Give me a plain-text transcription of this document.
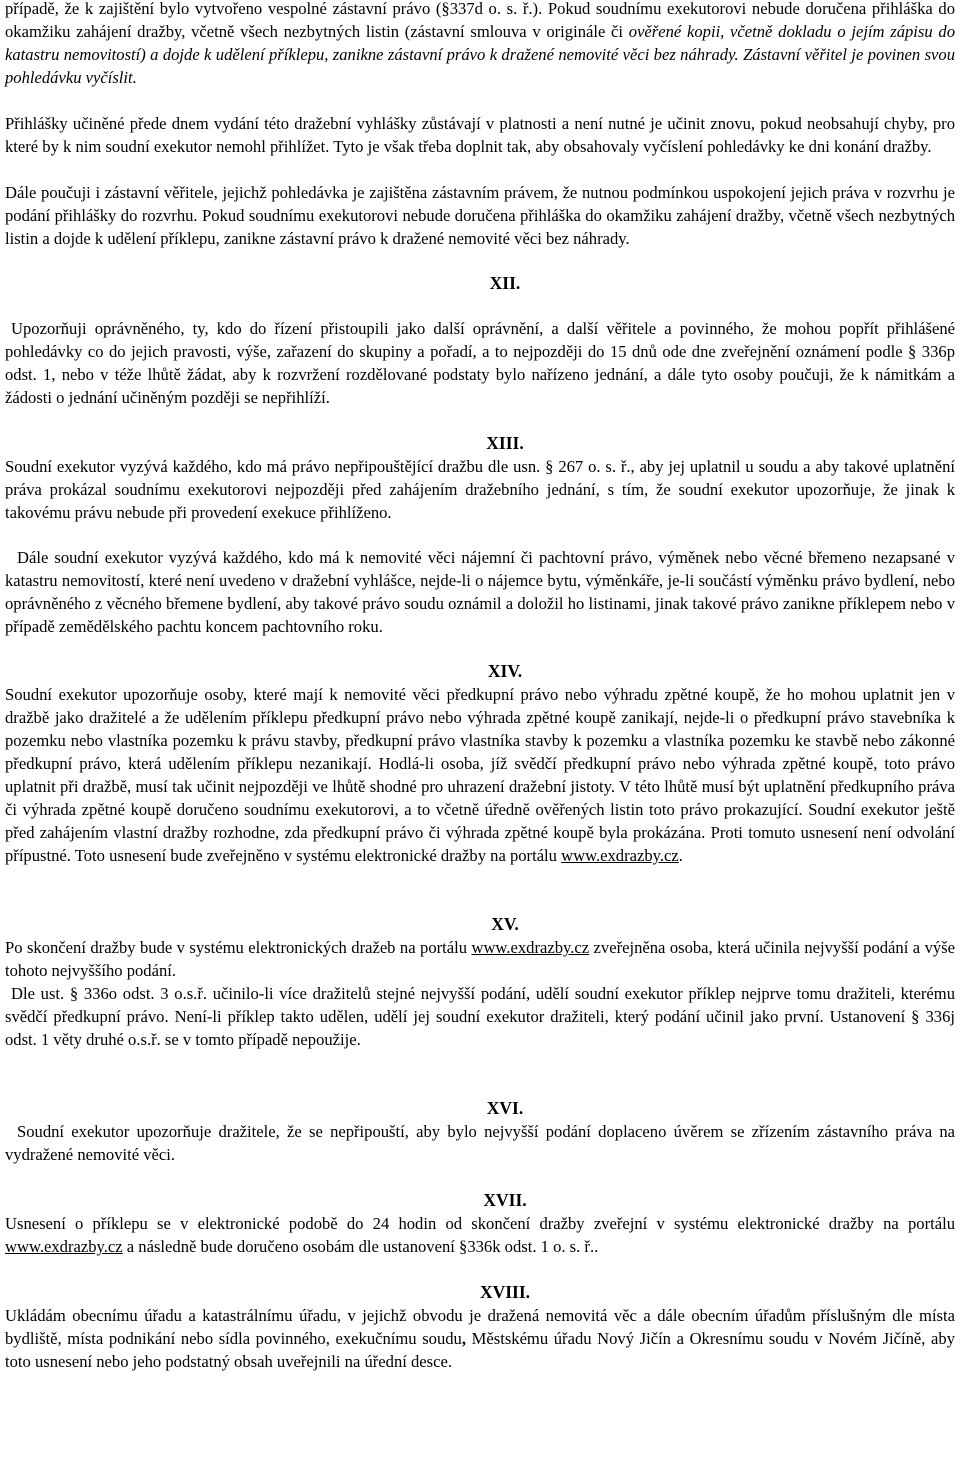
případě, že k zajištění bylo vytvořeno vespolné zástavní právo (§337d o. s. ř.). Pokud soudnímu exekutorovi nebude doručena přihláška do okamžiku zahájení dražby, včetně všech nezbytných listin (zástavní smlouva v originále či ověřené kopii, včetně dokladu o jejím zápisu do katastru nemovitostí) a dojde k udělení příklepu, zanikne zástavní právo k dražené nemovité věci bez náhrady. Zástavní věřitel je povinen svou pohledávku vyčíslit.

Přihlášky učiněné přede dnem vydání této dražební vyhlášky zůstávají v platnosti a není nutné je učinit znovu, pokud neobsahují chyby, pro které by k nim soudní exekutor nemohl přihlížet. Tyto je však třeba doplnit tak, aby obsahovaly vyčíslení pohledávky ke dni konání dražby.

Dále poučuji i zástavní věřitele, jejichž pohledávka je zajištěna zástavním právem, že nutnou podmínkou uspokojení jejich práva v rozvrhu je podání přihlášky do rozvrhu. Pokud soudnímu exekutorovi nebude doručena přihláška do okamžiku zahájení dražby, včetně všech nezbytných listin a dojde k udělení příklepu, zanikne zástavní právo k dražené nemovité věci bez náhrady.

XII.

Upozorňuji oprávněného, ty, kdo do řízení přistoupili jako další oprávnění, a další věřitele a povinného, že mohou popřít přihlášené pohledávky co do jejich pravosti, výše, zařazení do skupiny a pořadí, a to nejpozději do 15 dnů ode dne zveřejnění oznámení podle § 336p odst. 1, nebo v téže lhůtě žádat, aby k rozvržení rozdělované podstaty bylo nařízeno jednání, a dále tyto osoby poučuji, že k námitkám a žádosti o jednání učiněným později se nepřihlíží.

XIII.

Soudní exekutor vyzývá každého, kdo má právo nepřipouštějící dražbu dle usn. § 267 o. s. ř., aby jej uplatnil u soudu a aby takové uplatnění práva prokázal soudnímu exekutorovi nejpozději před zahájením dražebního jednání, s tím, že soudní exekutor upozorňuje, že jinak k takovému právu nebude při provedení exekuce přihlíženo.

Dále soudní exekutor vyzývá každého, kdo má k nemovité věci nájemní či pachtovní právo, výměnek nebo věcné břemeno nezapsané v katastru nemovitostí, které není uvedeno v dražební vyhlášce, nejde-li o nájemce bytu, výměnkáře, je-li součástí výměnku právo bydlení, nebo oprávněného z věcného břemene bydlení, aby takové právo soudu oznámil a doložil ho listinami, jinak takové právo zanikne příklepem nebo v případě zemědělského pachtu koncem pachtovního roku.

XIV.

Soudní exekutor upozorňuje osoby, které mají k nemovité věci předkupní právo nebo výhradu zpětné koupě, že ho mohou uplatnit jen v dražbě jako dražitelé a že udělením příklepu předkupní právo nebo výhrada zpětné koupě zanikají, nejde-li o předkupní právo stavebníka k pozemku nebo vlastníka pozemku k právu stavby, předkupní právo vlastníka stavby k pozemku a vlastníka pozemku ke stavbě nebo zákonné předkupní právo, která udělením příklepu nezanikají. Hodlá-li osoba, jíž svědčí předkupní právo nebo výhrada zpětné koupě, toto právo uplatnit při dražbě, musí tak učinit nejpozději ve lhůtě shodné pro uhrazení dražební jistoty. V této lhůtě musí být uplatnění předkupního práva či výhrada zpětné koupě doručeno soudnímu exekutorovi, a to včetně úředně ověřených listin toto právo prokazující. Soudní exekutor ještě před zahájením vlastní dražby rozhodne, zda předkupní právo či výhrada zpětné koupě byla prokázána. Proti tomuto usnesení není odvolání přípustné. Toto usnesení bude zveřejněno v systému elektronické dražby na portálu www.exdrazby.cz.

XV.

Po skončení dražby bude v systému elektronických dražeb na portálu www.exdrazby.cz zveřejněna osoba, která učinila nejvyšší podání a výše tohoto nejvyššího podání.

Dle ust. § 336o odst. 3 o.s.ř. učinilo-li více dražitelů stejné nejvyšší podání, udělí soudní exekutor příklep nejprve tomu dražiteli, kterému svědčí předkupní právo. Není-li příklep takto udělen, udělí jej soudní exekutor dražiteli, který podání učinil jako první. Ustanovení § 336j odst. 1 věty druhé o.s.ř. se v tomto případě nepoužije.

XVI.

Soudní exekutor upozorňuje dražitele, že se nepřipouští, aby bylo nejvyšší podání doplaceno úvěrem se zřízením zástavního práva na vydražené nemovité věci.

XVII.

Usnesení o příklepu se v elektronické podobě do 24 hodin od skončení dražby zveřejní v systému elektronické dražby na portálu www.exdrazby.cz a následně bude doručeno osobám dle ustanovení §336k odst. 1 o. s. ř..

XVIII.

Ukládám obecnímu úřadu a katastrálnímu úřadu, v jejichž obvodu je dražená nemovitá věc a dále obecním úřadům příslušným dle místa bydliště, místa podnikání nebo sídla povinného, exekučnímu soudu, Městskému úřadu Nový Jičín a Okresnímu soudu v Novém Jičíně, aby toto usnesení nebo jeho podstatný obsah uveřejnili na úřední desce.
